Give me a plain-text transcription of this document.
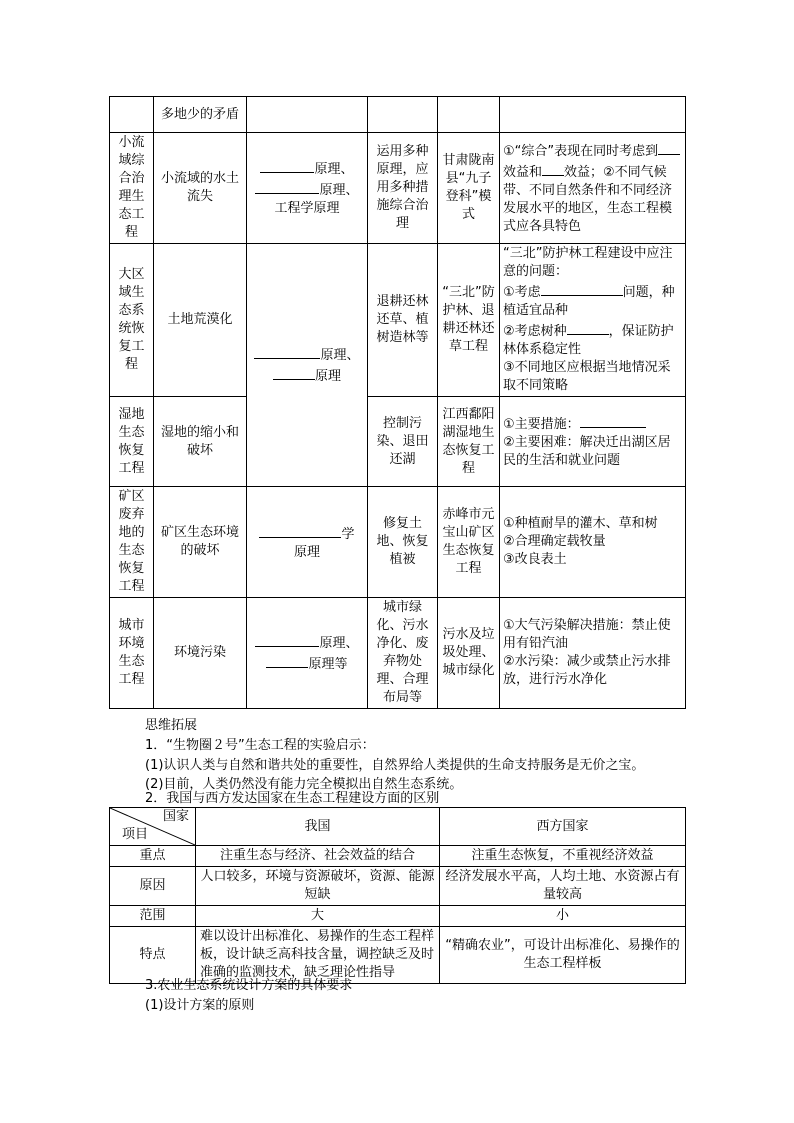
	多地少的矛盾				
小流域综合治理生态工程	小流域的水土流失	原理、
原理、
工程学原理	运用多种原理，应用多种措施综合治理	甘肃陇南县“九子登科”模式	①“综合”表现在同时考虑到效益和 效益；②不同气候带、不同自然条件和不同经济发展水平的地区，生态工程模式应各具特色
大区域生态系统恢复工程	土地荒漠化	原理、
原理	退耕还林还草、植树造林等	“三北”防护林、退耕还林还草工程	“三北”防护林工程建设中应注意的问题：
①考虑 问题，种植适宜品种
②考虑树种 ，保证防护林体系稳定性
③不同地区应根据当地情况采取不同策略
湿地生态恢复工程	湿地的缩小和破坏		控制污染、退田还湖	江西鄱阳湖湿地生态恢复工程	①主要措施：
②主要困难：解决迁出湖区居民的生活和就业问题
矿区废弃地的生态恢复工程	矿区生态环境的破坏	学
原理	修复土地、恢复植被	赤峰市元宝山矿区生态恢复工程	①种植耐旱的灌木、草和树
②合理确定载牧量
③改良表土
城市环境生态工程	环境污染	原理、
原理等	城市绿化、污水净化、废弃物处理、合理布局等	污水及垃圾处理、城市绿化	①大气污染解决措施：禁止使用有铅汽油
②水污染：减少或禁止污水排放，进行污水净化
思维拓展
1．“生物圈２号”生态工程的实验启示：
(1)认识人类与自然和谐共处的重要性，自然界给人类提供的生命支持服务是无价之宝。
(2)目前，人类仍然没有能力完全模拟出自然生态系统。
2．我国与西方发达国家在生态工程建设方面的区别
国家
项目	我国	西方国家
重点	注重生态与经济、社会效益的结合	注重生态恢复，不重视经济效益
原因	人口较多，环境与资源破坏，资源、能源短缺	经济发展水平高，人均土地、水资源占有量较高
范围	大	小
特点	难以设计出标准化、易操作的生态工程样板，设计缺乏高科技含量，调控缺乏及时准确的监测技术，缺乏理论性指导	“精确农业”，可设计出标准化、易操作的生态工程样板
3.农业生态系统设计方案的具体要求
(1)设计方案的原则
